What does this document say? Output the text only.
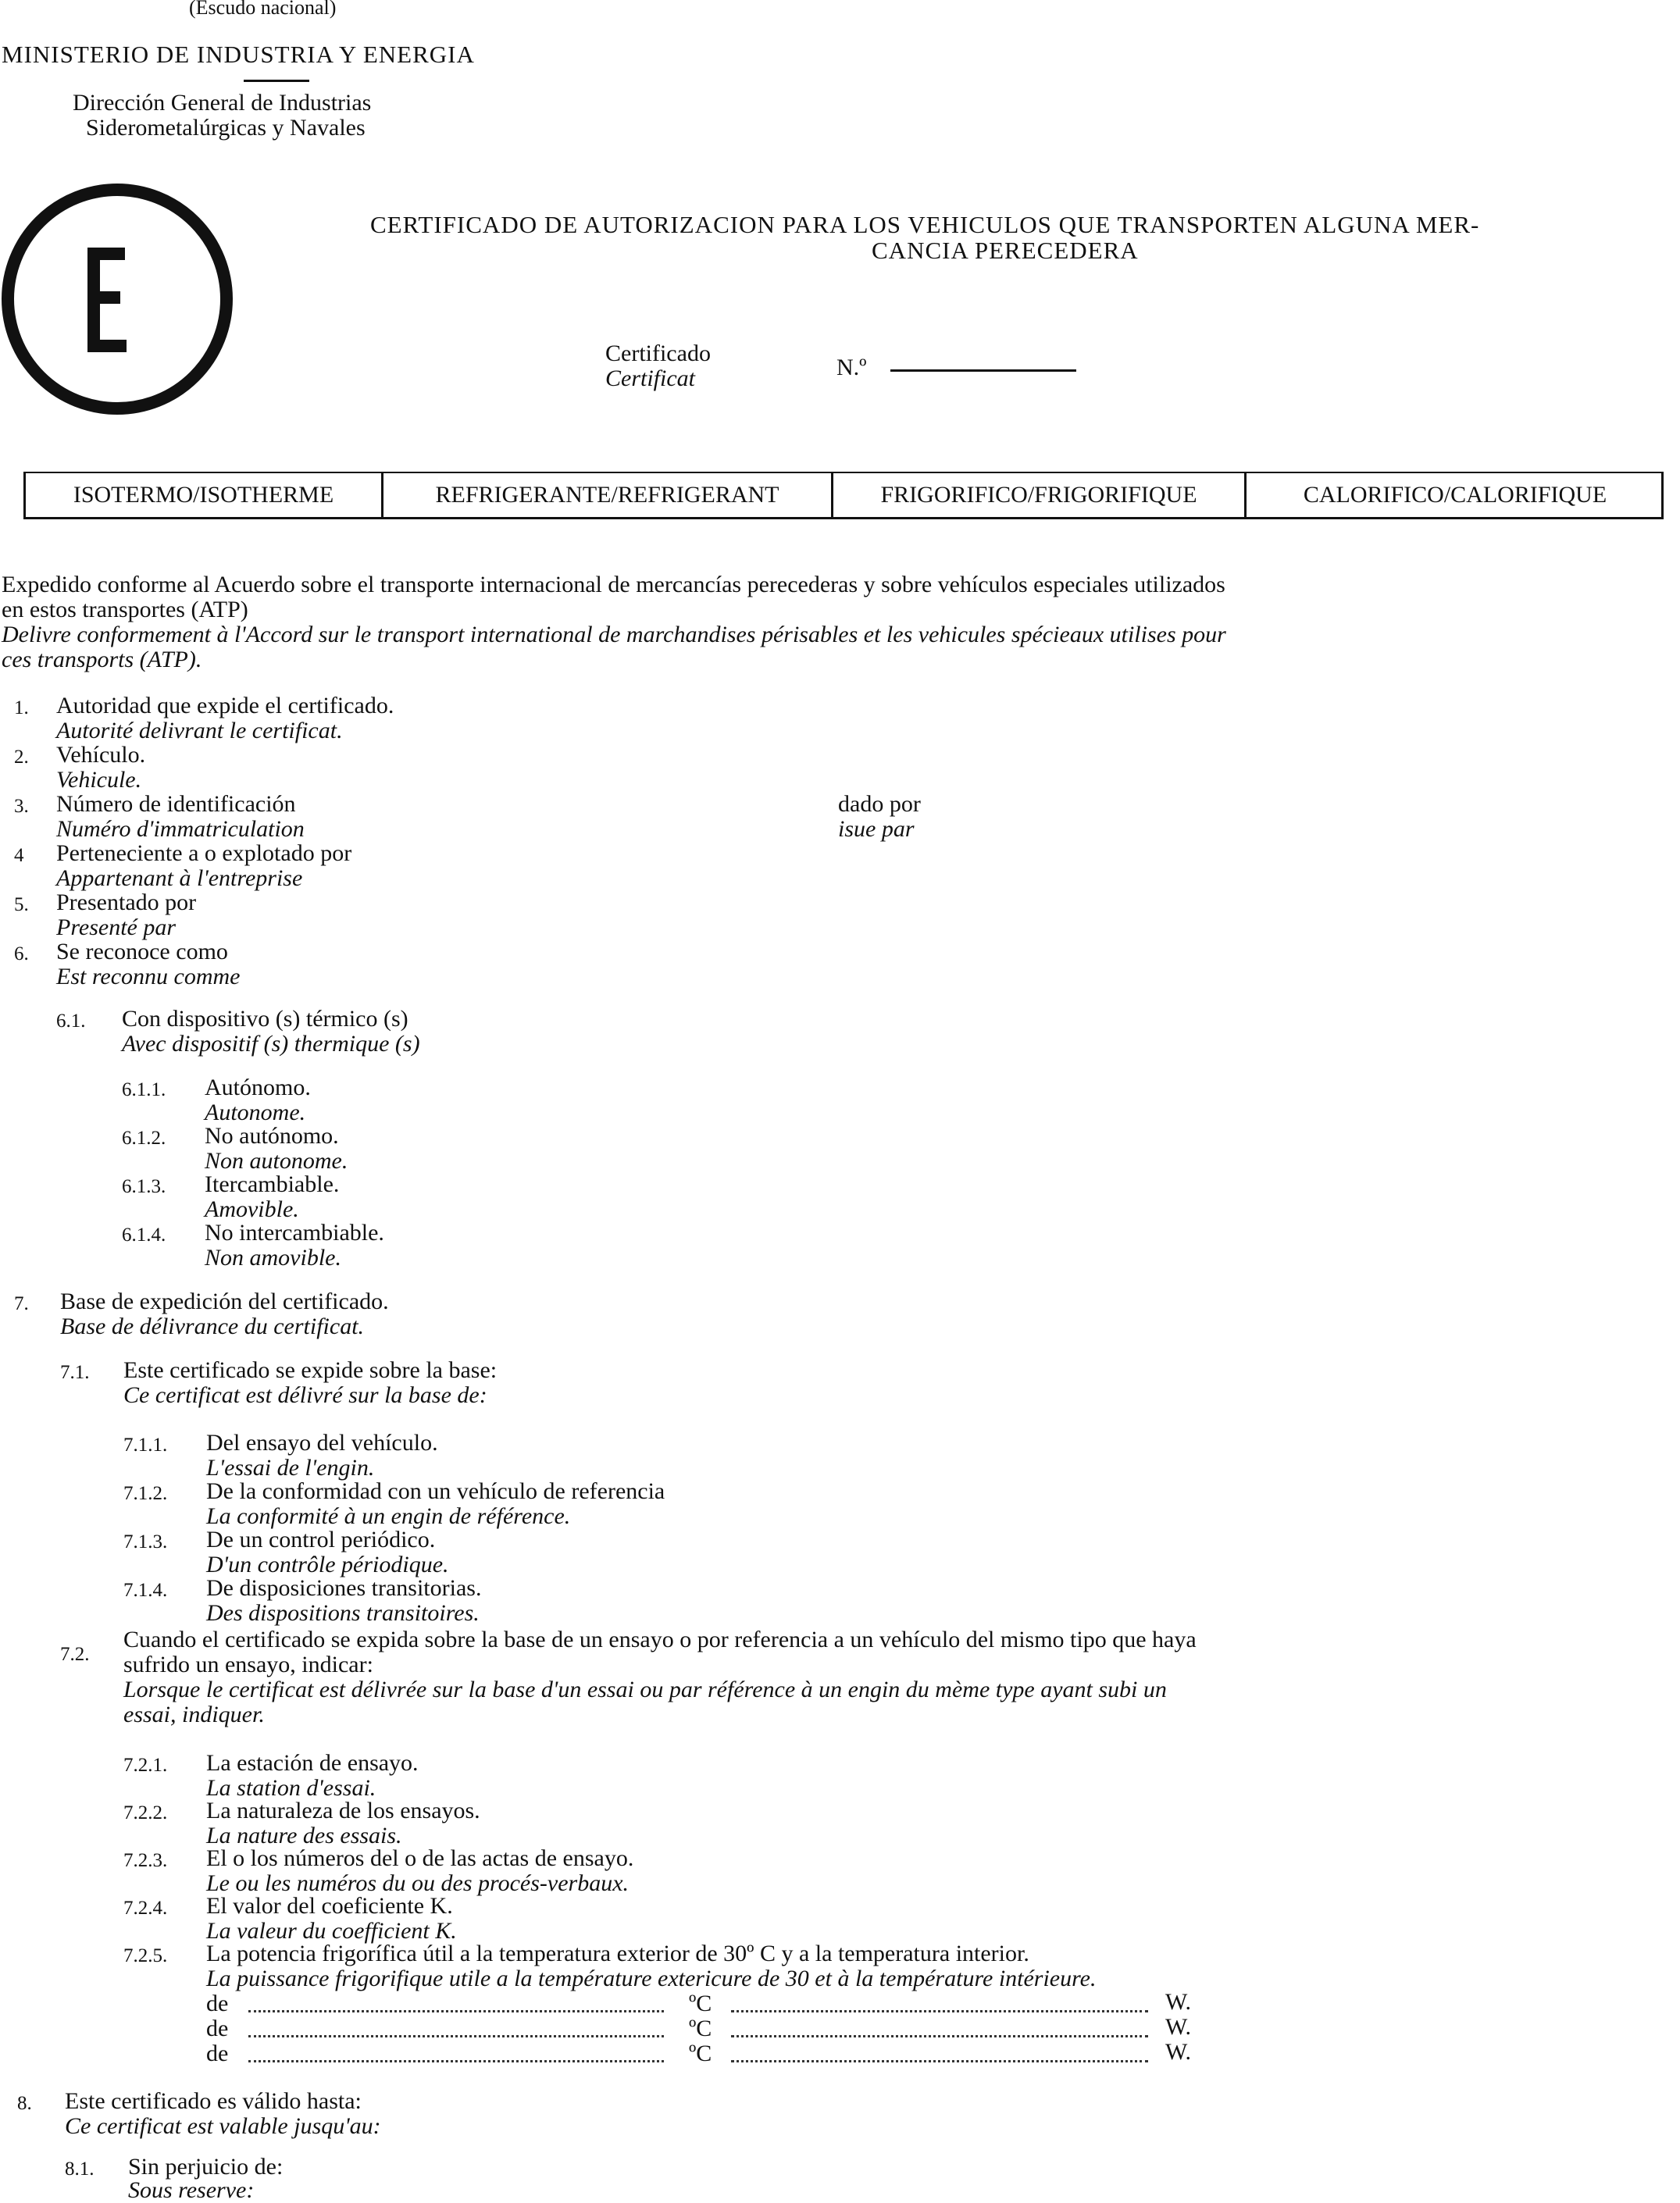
(Escudo nacional)
MINISTERIO DE INDUSTRIA Y ENERGIA
Dirección General de Industrias
Siderometalúrgicas y Navales
CERTIFICADO DE AUTORIZACION PARA LOS VEHICULOS QUE TRANSPORTEN ALGUNA MER-
CANCIA PERECEDERA
Certificado
Certificat	N.º
ISOTERMO/ISOTHERME	REFRIGERANTE/REFRIGERANT	FRIGORIFICO/FRIGORIFIQUE	CALORIFICO/CALORIFIQUE
Expedido conforme al Acuerdo sobre el transporte internacional de mercancías perecederas y sobre vehículos especiales utilizados
en estos transportes (ATP)
Delivre conformement à l'Accord sur le transport international de marchandises périsables et les vehicules spécieaux utilises pour
ces transports (ATP).
1. Autoridad que expide el certificado.
Autorité delivrant le certificat.
2. Vehículo.
Vehicule.
3. Número de identificación
Numéro d'immatriculation
dado por
isue par
4 Perteneciente a o explotado por
Appartenant à l'entreprise
5. Presentado por
Presenté par
6. Se reconoce como
Est reconnu comme
6.1. Con dispositivo (s) térmico (s)
Avec dispositif (s) thermique (s)
6.1.1. Autónomo.
Autonome.
6.1.2. No autónomo.
Non autonome.
6.1.3. Itercambiable.
Amovible.
6.1.4. No intercambiable.
Non amovible.
7. Base de expedición del certificado.
Base de délivrance du certificat.
7.1. Este certificado se expide sobre la base:
Ce certificat est délivré sur la base de:
7.1.1. Del ensayo del vehículo.
L'essai de l'engin.
7.1.2. De la conformidad con un vehículo de referencia
La conformité à un engin de référence.
7.1.3. De un control periódico.
D'un contrôle périodique.
7.1.4. De disposiciones transitorias.
Des dispositions transitoires.
7.2.
Cuando el certificado se expida sobre la base de un ensayo o por referencia a un vehículo del mismo tipo que haya
sufrido un ensayo, indicar:
Lorsque le certificat est délivrée sur la base d'un essai ou par référence à un engin du mème type ayant subi un
essai, indiquer.
7.2.1. La estación de ensayo.
La station d'essai.
7.2.2. La naturaleza de los ensayos.
La nature des essais.
7.2.3. El o los números del o de las actas de ensayo.
Le ou les numéros du ou des procés-verbaux.
7.2.4. El valor del coeficiente K.
La valeur du coefficient K.
7.2.5. La potencia frigorífica útil a la temperatura exterior de 30º C y a la temperatura interior.
La puissance frigorifique utile a la température extericure de 30 et à la température intérieure.
de	ºC	W.
de	ºC	W.
de	ºC	W.
8. Este certificado es válido hasta:
Ce certificat est valable jusqu'au:
8.1. Sin perjuicio de:
Sous reserve:
